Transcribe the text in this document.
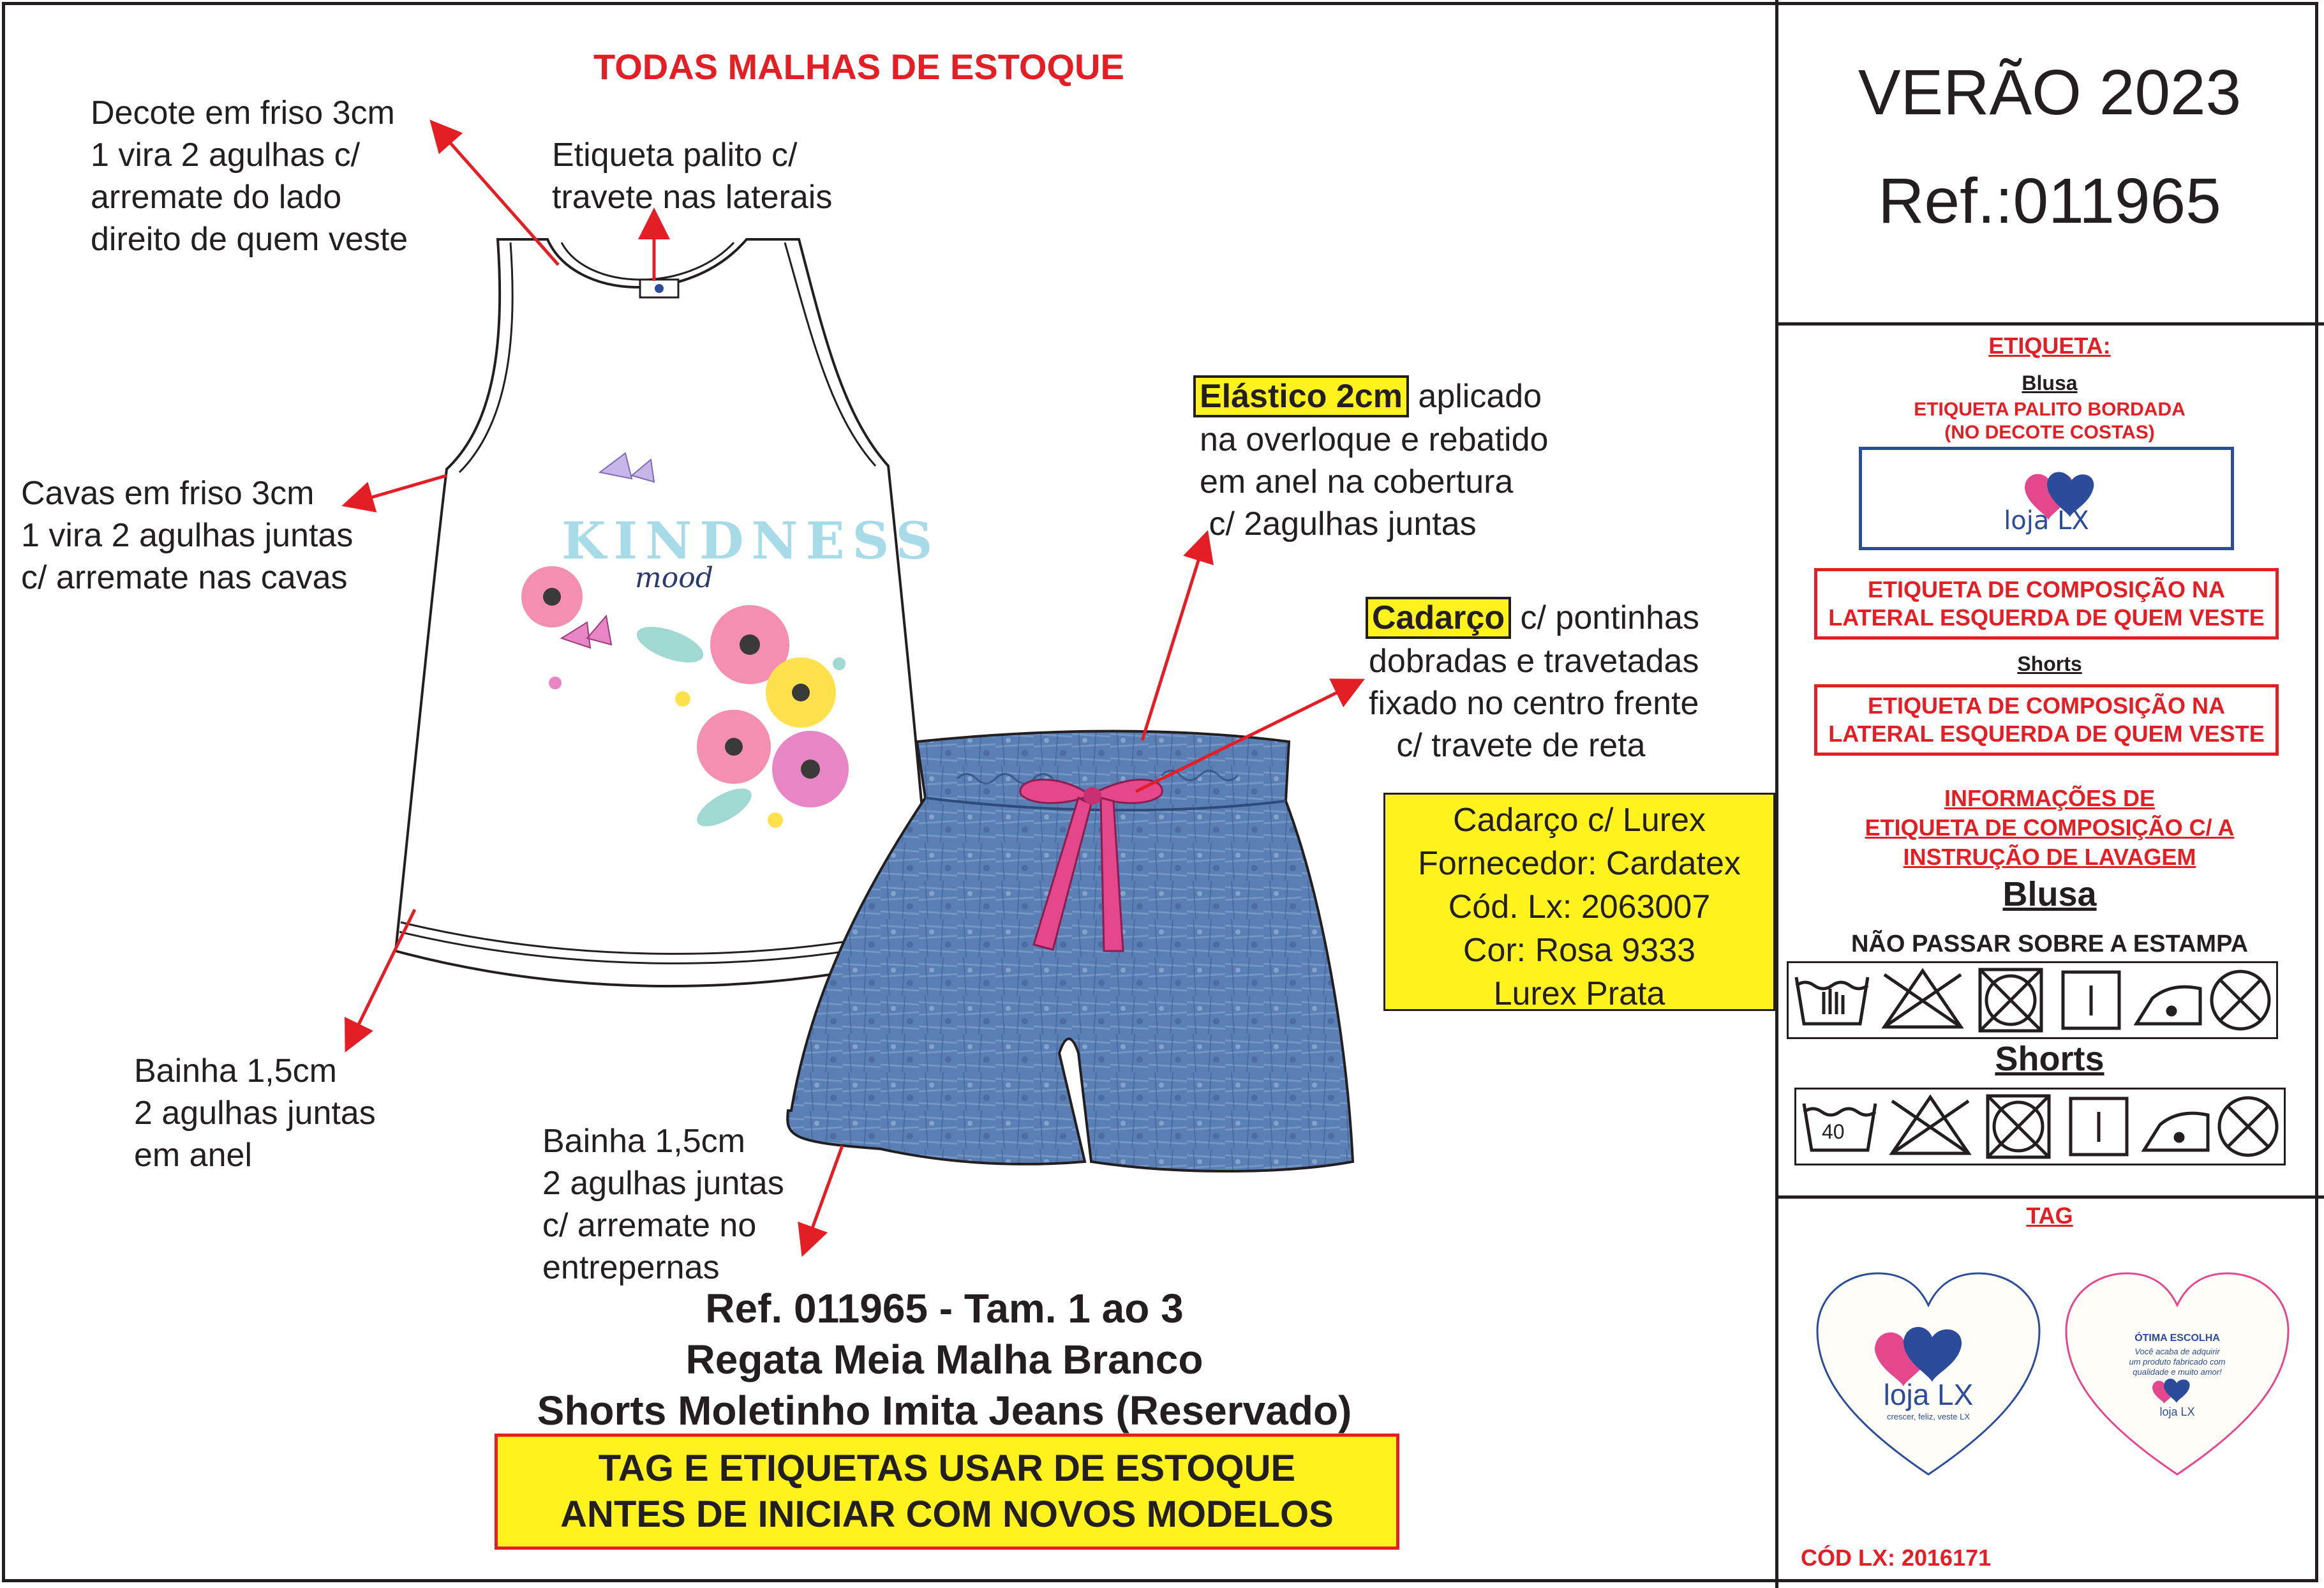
TODAS MALHAS DE ESTOQUE
KINDNESS
mood
Decote em friso 3cm
1 vira 2 agulhas c/
arremate do lado
direito de quem veste
Etiqueta palito c/
travete nas laterais
Cavas em friso 3cm
1 vira 2 agulhas juntas
c/ arremate nas cavas
Bainha 1,5cm
2 agulhas juntas
em anel	Bainha 1,5cm
2 agulhas juntas
c/ arremate no
entrepernas
Elástico 2cm aplicado
na overloque e rebatido
em anel na cobertura
c/ 2agulhas juntas
Cadarço c/ pontinhas
dobradas e travetadas
fixado no centro frente
c/ travete de reta
Cadarço c/ Lurex
Fornecedor: Cardatex
Cód. Lx: 2063007
Cor: Rosa 9333
Lurex Prata
Ref. 011965 - Tam. 1 ao 3
Regata Meia Malha Branco
Shorts Moletinho Imita Jeans (Reservado)
TAG E ETIQUETAS USAR DE ESTOQUE
ANTES DE INICIAR COM NOVOS MODELOS
VERÃO 2023
Ref.:011965
ETIQUETA:
Blusa
ETIQUETA PALITO BORDADA
(NO DECOTE COSTAS)
loja LX
ETIQUETA DE COMPOSIÇÃO NA
LATERAL ESQUERDA DE QUEM VESTE
Shorts
ETIQUETA DE COMPOSIÇÃO NA
LATERAL ESQUERDA DE QUEM VESTE
INFORMAÇÕES DE
ETIQUETA DE COMPOSIÇÃO C/ A
INSTRUÇÃO DE LAVAGEM
Blusa
NÃO PASSAR SOBRE A ESTAMPA
Shorts
40
TAG
loja LX
crescer, feliz, veste LX
ÓTIMA ESCOLHA
Você acaba de adquirir
um produto fabricado com
qualidade e muito amor!
loja LX
CÓD LX: 2016171
